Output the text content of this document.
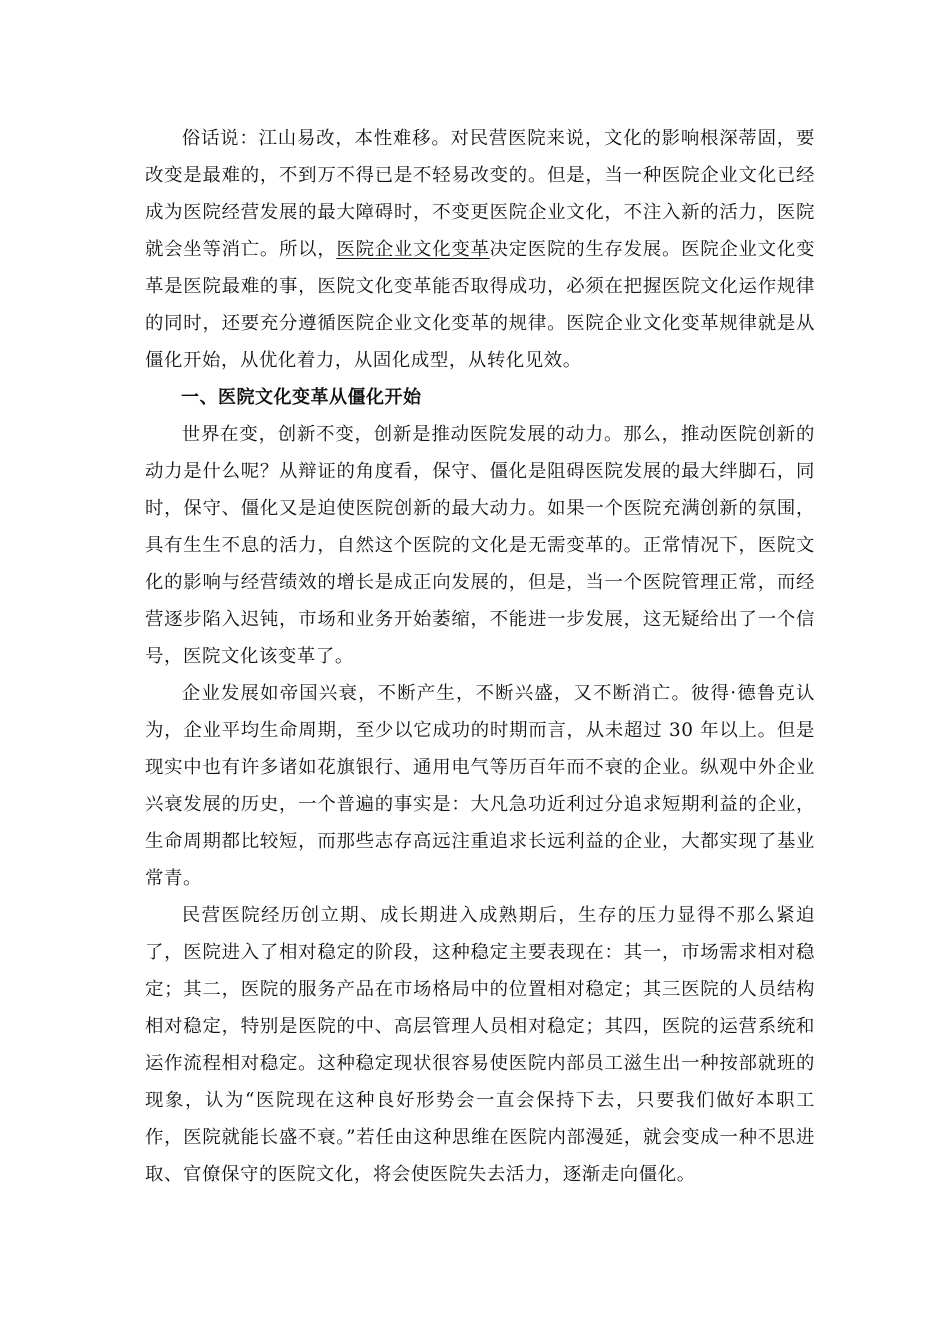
俗话说：江山易改，本性难移。对民营医院来说，文化的影响根深蒂固，要改变是最难的，不到万不得已是不轻易改变的。但是，当一种医院企业文化已经成为医院经营发展的最大障碍时，不变更医院企业文化，不注入新的活力，医院就会坐等消亡。所以，医院企业文化变革决定医院的生存发展。医院企业文化变革是医院最难的事，医院文化变革能否取得成功，必须在把握医院文化运作规律的同时，还要充分遵循医院企业文化变革的规律。医院企业文化变革规律就是从僵化开始，从优化着力，从固化成型，从转化见效。

一、医院文化变革从僵化开始

世界在变，创新不变，创新是推动医院发展的动力。那么，推动医院创新的动力是什么呢？从辩证的角度看，保守、僵化是阻碍医院发展的最大绊脚石，同时，保守、僵化又是迫使医院创新的最大动力。如果一个医院充满创新的氛围，具有生生不息的活力，自然这个医院的文化是无需变革的。正常情况下，医院文化的影响与经营绩效的增长是成正向发展的，但是，当一个医院管理正常，而经营逐步陷入迟钝，市场和业务开始萎缩，不能进一步发展，这无疑给出了一个信号，医院文化该变革了。

企业发展如帝国兴衰，不断产生，不断兴盛，又不断消亡。彼得·德鲁克认为，企业平均生命周期，至少以它成功的时期而言，从未超过 30 年以上。但是现实中也有许多诸如花旗银行、通用电气等历百年而不衰的企业。纵观中外企业兴衰发展的历史，一个普遍的事实是：大凡急功近利过分追求短期利益的企业，生命周期都比较短，而那些志存高远注重追求长远利益的企业，大都实现了基业常青。

民营医院经历创立期、成长期进入成熟期后，生存的压力显得不那么紧迫了，医院进入了相对稳定的阶段，这种稳定主要表现在：其一，市场需求相对稳定；其二，医院的服务产品在市场格局中的位置相对稳定；其三医院的人员结构相对稳定，特别是医院的中、高层管理人员相对稳定；其四，医院的运营系统和运作流程相对稳定。这种稳定现状很容易使医院内部员工滋生出一种按部就班的现象，认为“医院现在这种良好形势会一直会保持下去，只要我们做好本职工作，医院就能长盛不衰。”若任由这种思维在医院内部漫延，就会变成一种不思进取、官僚保守的医院文化，将会使医院失去活力，逐渐走向僵化。
